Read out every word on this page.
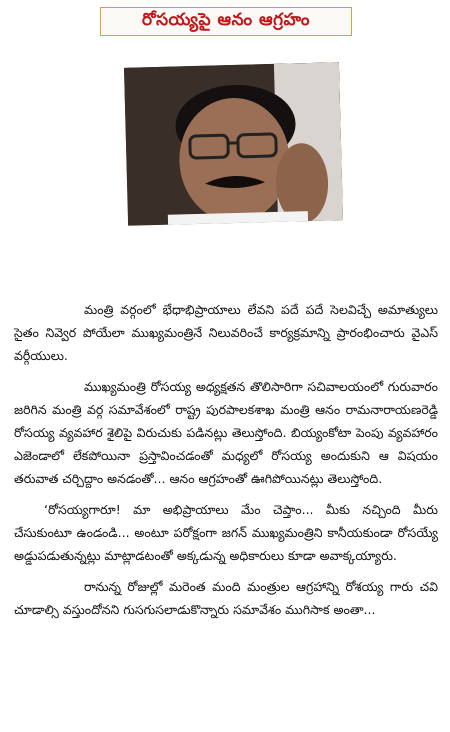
రోసయ్యపై ఆనం ఆగ్రహం

మంత్రి వర్గంలో భేధాభిప్రాయాలు లేవని పదే పదే సెలవిచ్చే అమాత్యులు సైతం నివ్వెర పోయేలా ముఖ్యమంత్రినే నిలువరించే కార్యక్రమాన్ని ప్రారంభించారు వైఎస్ వర్గీయులు.

ముఖ్యమంత్రి రోసయ్య అధ్యక్షతన తొలిసారిగా సచివాలయంలో గురువారం జరిగిన మంత్రి వర్గ సమావేశంలో రాష్ట్ర పురపాలకశాఖ మంత్రి ఆనం రామనారాయణరెడ్డి రోసయ్య వ్యవహార శైలిపై విరుచుకు పడినట్లు తెలుస్తోంది. బియ్యంకోటా పెంపు వ్యవహారం ఎజెండాలో లేకపోయినా ప్రస్తావించడంతో మధ్యలో రోసయ్య అందుకుని ఆ విషయం తరువాత చర్చిద్దాం అనడంతో... ఆనం ఆగ్రహంతో ఊగిపోయినట్లు తెలుస్తోంది.

‘రోసయ్యగారూ! మా అభిప్రాయాలు మేం చెప్తాం... మీకు నచ్చింది మీరు చేసుకుంటూ ఉండండి... అంటూ పరోక్షంగా జగన్ ముఖ్యమంత్రిని కానీయకుండా రోసయ్యే అడ్డుపడుతున్నట్లు మాట్లాడటంతో అక్కడున్న అధికారులు కూడా అవాక్కయ్యారు.

రానున్న రోజుల్లో మరెంత మంది మంత్రుల ఆగ్రహాన్ని రోశయ్య గారు చవి చూడాల్సి వస్తుందోనని గుసగుసలాడుకొన్నారు సమావేశం ముగిసాక అంతా...
